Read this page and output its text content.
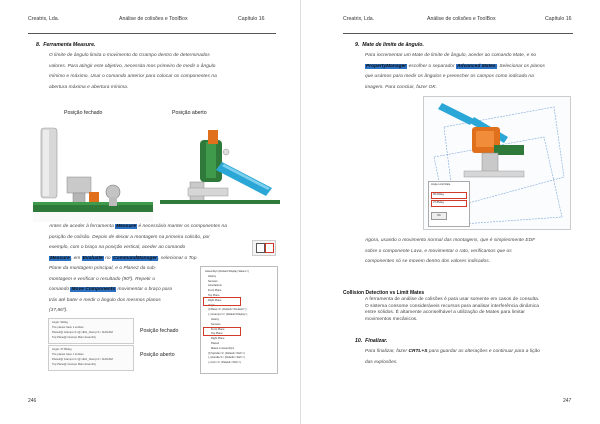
Creatrix, Lda.	Análise de colisões e ToolBox	Capítulo 16
8. Ferramenta Measure.
O limite de ângulo limita o movimento do Grampo dentro de determinados
valores. Para atingir este objetivo, necessita mos primeiro de medir o ângulo
mínimo e máximo. Usar o comando anterior para colocar os componentes na
abertura máxima e abertura mínima.
Posição fechado	Posição aberto
Antes de aceder à ferramenta Measure é necessário manter os componentes na
posição de colisão. Depois de deixar a montagem na primeira colisão, por
exemplo, com o braço na posição vertical, aceder ao comando
Measure, em Evaluate no CommandManager, selecionar o Top
Plane da montagem principal, e o Plane2 da sub-
montagem e verificar o resultado (90º). Repetir o
comando Move Components movimentar o braço para
trás até bater e medir o ângulo dos mesmos planos
(37,86º).
Assembly1 (Default<Display State-1>)
History
Sensors
Annotations
Front Plane
Top Plane
Right Plane
Origin
(f) Base<1> (Default<<Default>>)
(-) Grampo<1> (Default<Display>)
History
Sensors
Front Plane
Top Plane
Right Plane
Plane2
Mates in Assembly1
(f) Spindle<1> (Default<<Def>>)
(-) Handle<1> (Default<<Def>>)
(-) Arm<1> (Default<<Def>>)
Angle: 90deg
The planes have 1 entities
Plane2@ Grampo<1>@ HDA_Clamp<1>.SLDASM
Top Plane@ Grampo Main Assembly
Posição fechado
Angle: 37.86deg
The planes have 1 entities
Plane2@ Grampo<1>@ HDA_Clamp<1>.SLDASM
Top Plane@ Grampo Main Assembly
Posição aberto
246
Creatrix, Lda.	Análise de colisões e ToolBox	Capítulo 16
9. Mate de limite de ângulo.
Para incrementar um Mate de limite de ângulo, aceder ao comando Mate, e no
PropertyManager escolher o separador Advanced Mates. Selecionar os planos
que usámos para medir os ângulos e preencher os campos como indicado na
imagem. Para concluir, fazer OK.
Angle Limit Mate
90.00deg
37.86deg
OK
Agora, usando o movimento normal das montagens, que é simplesmente EDF
sobre o componente Lava, e movimentar o rato, verificamos que os
componentes só se movem dentro dos valores indicados.
Collision Detection vs Limit Mates
A ferramenta de análise de colisões é para usar somente em casos de consulta.
O sistema consome consideráveis recursos para analisar interferência dinâmica
entre sólidos. É altamente aconselhável a utilização de Mates para limitar
movimentos mecânicos.
10. Finalizar.
Para finalizar, fazer CRTL+S para guardar as alterações e continuar para a lição
das explosões.
247
